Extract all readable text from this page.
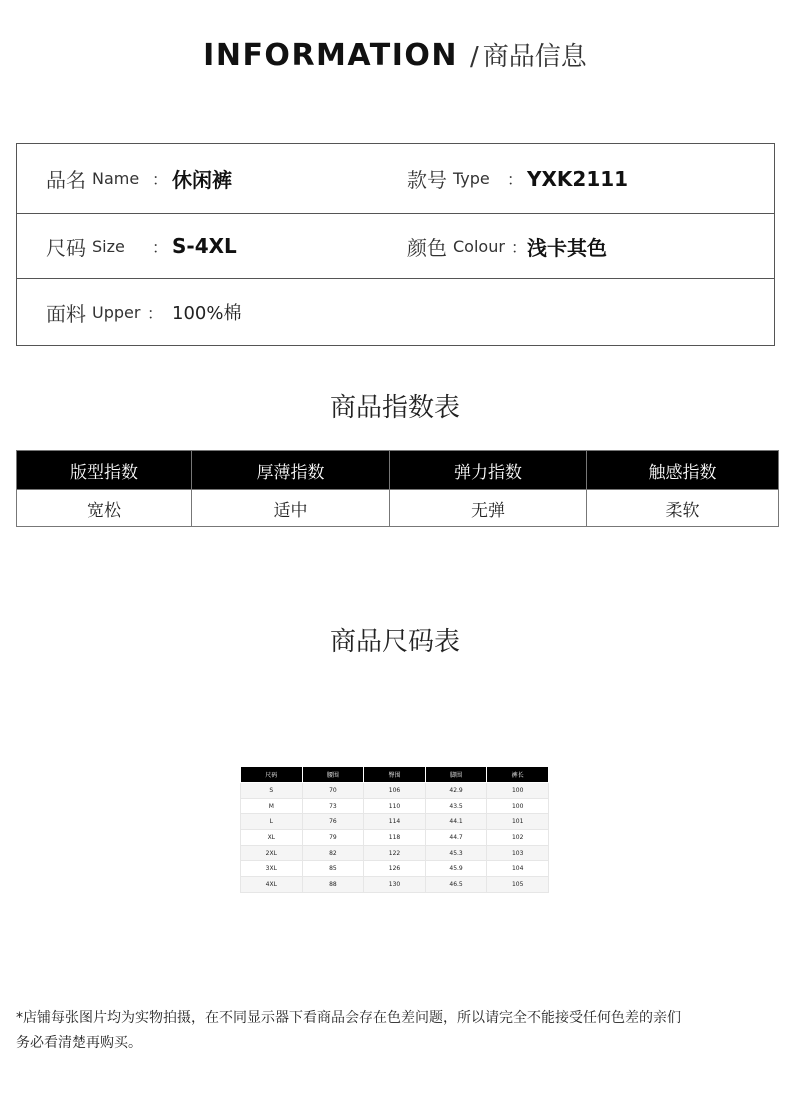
INFORMATION / 商品信息
品名 Name ： 休闲裤	款号 Type ： YXK2111
尺码 Size ： S-4XL	颜色 Colour ： 浅卡其色
面料 Upper ： 100%棉
商品指数表
版型指数	厚薄指数	弹力指数	触感指数
宽松	适中	无弹	柔软
商品尺码表
尺码	腰围	臀围	脚围	裤长
S	70	106	42.9	100
M	73	110	43.5	100
L	76	114	44.1	101
XL	79	118	44.7	102
2XL	82	122	45.3	103
3XL	85	126	45.9	104
4XL	88	130	46.5	105
*店铺每张图片均为实物拍摄，在不同显示器下看商品会存在色差问题，所以请完全不能接受任何色差的亲们
务必看清楚再购买。
